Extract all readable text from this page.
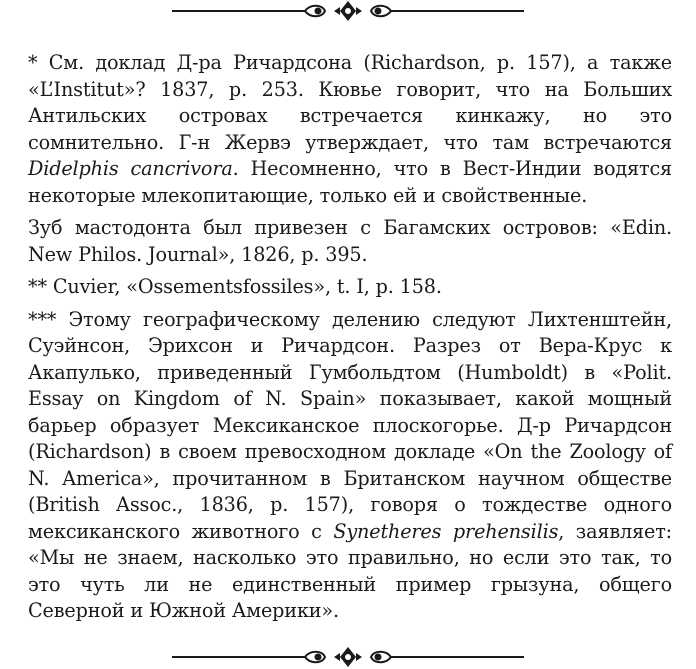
* См. доклад Д-ра Ричардсона (Richardson, p. 157), а также «L’Institut»? 1837, p. 253. Кювье говорит, что на Больших Антильских островах встречается кинкажу, но это сомнительно. Г-н Жервэ утверждает, что там встречаются Didelphis cancrivora. Несомненно, что в Вест-Индии водятся некоторые млекопитающие, только ей и свойственные.

Зуб мастодонта был привезен с Багамских островов: «Edin. New Philos. Journal», 1826, p. 395.

** Cuvier, «Ossementsfossiles», t. I, p. 158.

*** Этому географическому делению следуют Лихтенштейн, Суэйнсон, Эрихсон и Ричардсон. Разрез от Вера-Крус к Акапулько, приведенный Гумбольдтом (Humboldt) в «Polit. Essay on Kingdom of N. Spain» показывает, какой мощный барьер образует Мексиканское плоскогорье. Д-р Ричардсон (Richardson) в своем превосходном докладе «On the Zoology of N. America», прочитанном в Британском научном обществе (British Assoc., 1836, p. 157), говоря о тождестве одного мексиканского животного с Synetheres prehensilis, заявляет: «Мы не знаем, насколько это правильно, но если это так, то это чуть ли не единственный пример грызуна, общего Северной и Южной Америки».
